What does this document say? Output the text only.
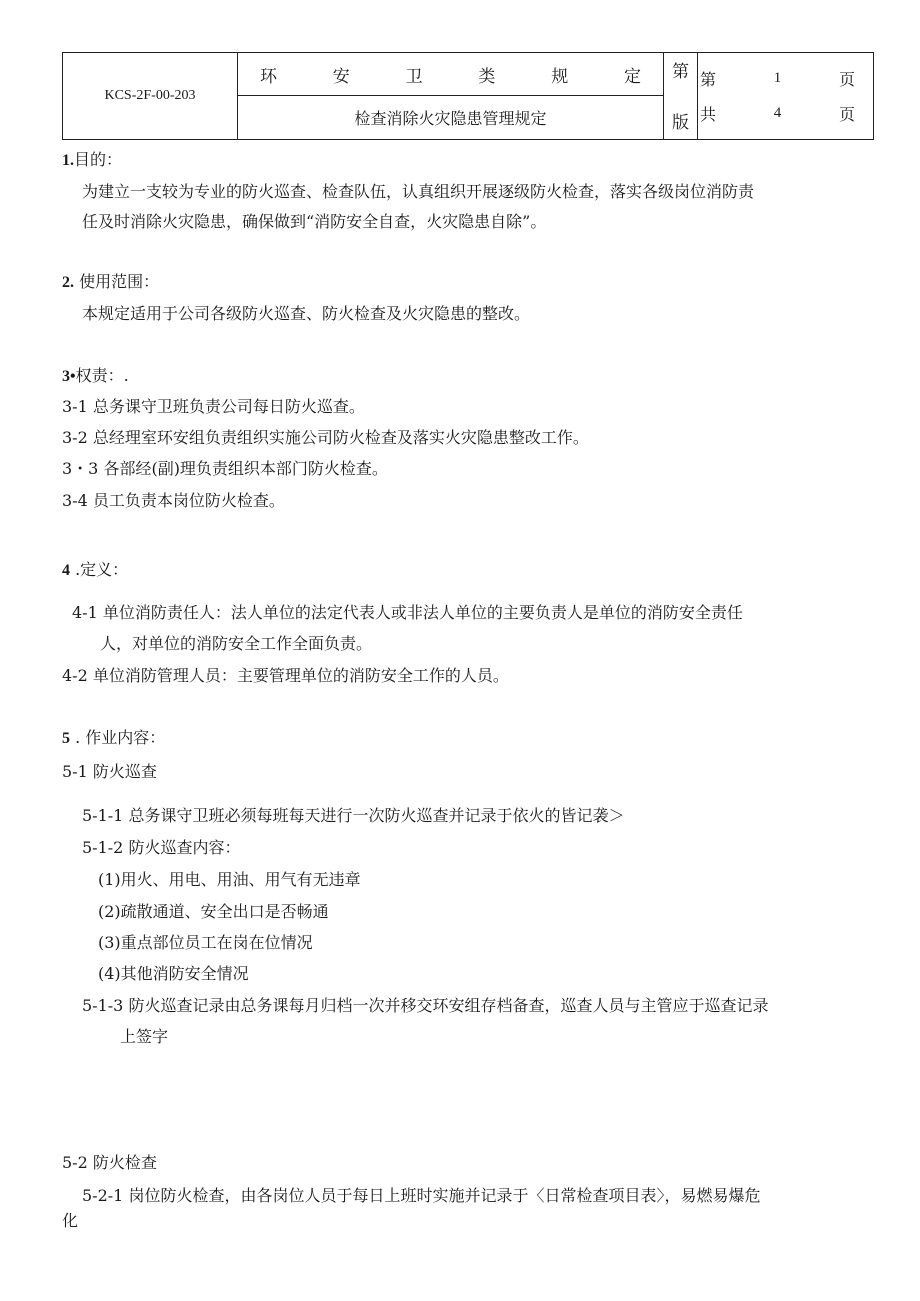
KCS-2F-00-203
环	安	卫	类	规	定
检查消除火灾隐患管理规定
第
版
第	1	页
共	4	页
1.目的：
为建立一支较为专业的防火巡查、检查队伍，认真组织开展逐级防火检查，落实各级岗位消防责
任及时消除火灾隐患，确保做到“消防安全自查，火灾隐患自除”。
2. 使用范围：
本规定适用于公司各级防火巡查、防火检查及火灾隐患的整改。
3•权责：.
3-1 总务课守卫班负责公司每日防火巡查。
3-2 总经理室环安组负责组织实施公司防火检查及落实火灾隐患整改工作。
3・3 各部经(副)理负责组织本部门防火检查。
3-4 员工负责本岗位防火检查。
4 .定义：
4-1 单位消防责任人：法人单位的法定代表人或非法人单位的主要负责人是单位的消防安全责任
人，对单位的消防安全工作全面负责。
4-2 单位消防管理人员：主要管理单位的消防安全工作的人员。
5 . 作业内容：
5-1 防火巡查
5-1-1 总务课守卫班必须每班每天进行一次防火巡查并记录于依火的皆记袭＞
5-1-2 防火巡查内容：
(1)用火、用电、用油、用气有无违章
(2)疏散通道、安全出口是否畅通
(3)重点部位员工在岗在位情况
(4)其他消防安全情况
5-1-3 防火巡查记录由总务课每月归档一次并移交环安组存档备查，巡查人员与主管应于巡查记录
上签字
5-2 防火检查
5-2-1 岗位防火检查，由各岗位人员于每日上班时实施并记录于〈日常检查项目表〉，易燃易爆危
化
